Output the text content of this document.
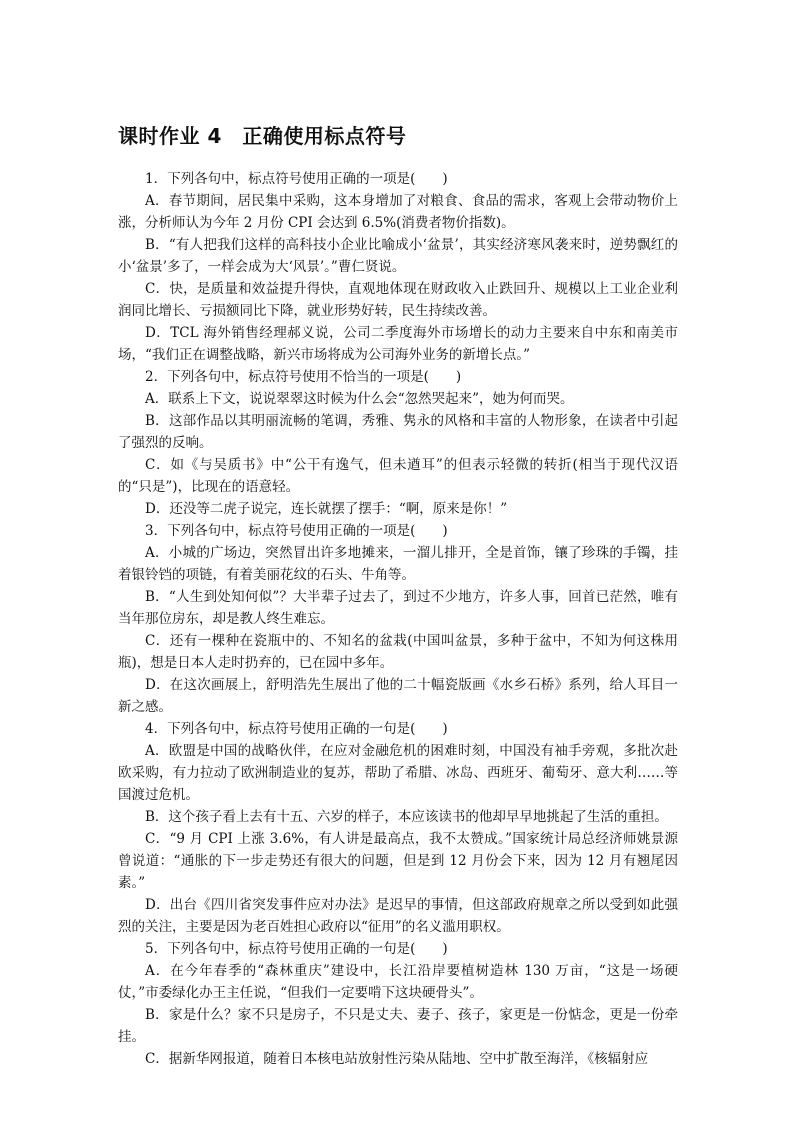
课时作业 4　正确使用标点符号

1．下列各句中，标点符号使用正确的一项是(　　)

A．春节期间，居民集中采购，这本身增加了对粮食、食品的需求，客观上会带动物价上涨，分析师认为今年 2 月份 CPI 会达到 6.5%(消费者物价指数)。

B．“有人把我们这样的高科技小企业比喻成小‘盆景’，其实经济寒风袭来时，逆势飘红的小‘盆景’多了，一样会成为大‘风景’。”曹仁贤说。

C．快，是质量和效益提升得快，直观地体现在财政收入止跌回升、规模以上工业企业利润同比增长、亏损额同比下降，就业形势好转，民生持续改善。

D．TCL 海外销售经理郝义说，公司二季度海外市场增长的动力主要来自中东和南美市场，“我们正在调整战略，新兴市场将成为公司海外业务的新增长点。”

2．下列各句中，标点符号使用不恰当的一项是(　　)

A．联系上下文，说说翠翠这时候为什么会“忽然哭起来”，她为何而哭。

B．这部作品以其明丽流畅的笔调，秀雅、隽永的风格和丰富的人物形象，在读者中引起了强烈的反响。

C．如《与吴质书》中“公干有逸气，但未遒耳”的但表示轻微的转折(相当于现代汉语的“只是”)，比现在的语意轻。

D．还没等二虎子说完，连长就摆了摆手：“啊，原来是你！”

3．下列各句中，标点符号使用正确的一项是(　　)

A．小城的广场边，突然冒出许多地摊来，一溜儿排开，全是首饰，镶了珍珠的手镯，挂着银铃铛的项链，有着美丽花纹的石头、牛角等。

B．“人生到处知何似”？大半辈子过去了，到过不少地方，许多人事，回首已茫然，唯有当年那位房东，却是教人终生难忘。

C．还有一棵种在瓷瓶中的、不知名的盆栽(中国叫盆景，多种于盆中，不知为何这株用瓶)，想是日本人走时扔弃的，已在园中多年。

D．在这次画展上，舒明浩先生展出了他的二十幅瓷版画《水乡石桥》系列，给人耳目一新之感。

4．下列各句中，标点符号使用正确的一句是(　　)

A．欧盟是中国的战略伙伴，在应对金融危机的困难时刻，中国没有袖手旁观，多批次赴欧采购，有力拉动了欧洲制造业的复苏，帮助了希腊、冰岛、西班牙、葡萄牙、意大利……等国渡过危机。

B．这个孩子看上去有十五、六岁的样子，本应该读书的他却早早地挑起了生活的重担。

C．“9 月 CPI 上涨 3.6%，有人讲是最高点，我不太赞成。”国家统计局总经济师姚景源曾说道：“通胀的下一步走势还有很大的问题，但是到 12 月份会下来，因为 12 月有翘尾因素。”

D．出台《四川省突发事件应对办法》是迟早的事情，但这部政府规章之所以受到如此强烈的关注，主要是因为老百姓担心政府以“征用”的名义滥用职权。

5．下列各句中，标点符号使用正确的一句是(　　)

A．在今年春季的“森林重庆”建设中，长江沿岸要植树造林 130 万亩，“这是一场硬仗，”市委绿化办王主任说，“但我们一定要啃下这块硬骨头”。

B．家是什么？家不只是房子，不只是丈夫、妻子、孩子，家更是一份惦念，更是一份牵挂。

C．据新华网报道，随着日本核电站放射性污染从陆地、空中扩散至海洋，《核辐射应
